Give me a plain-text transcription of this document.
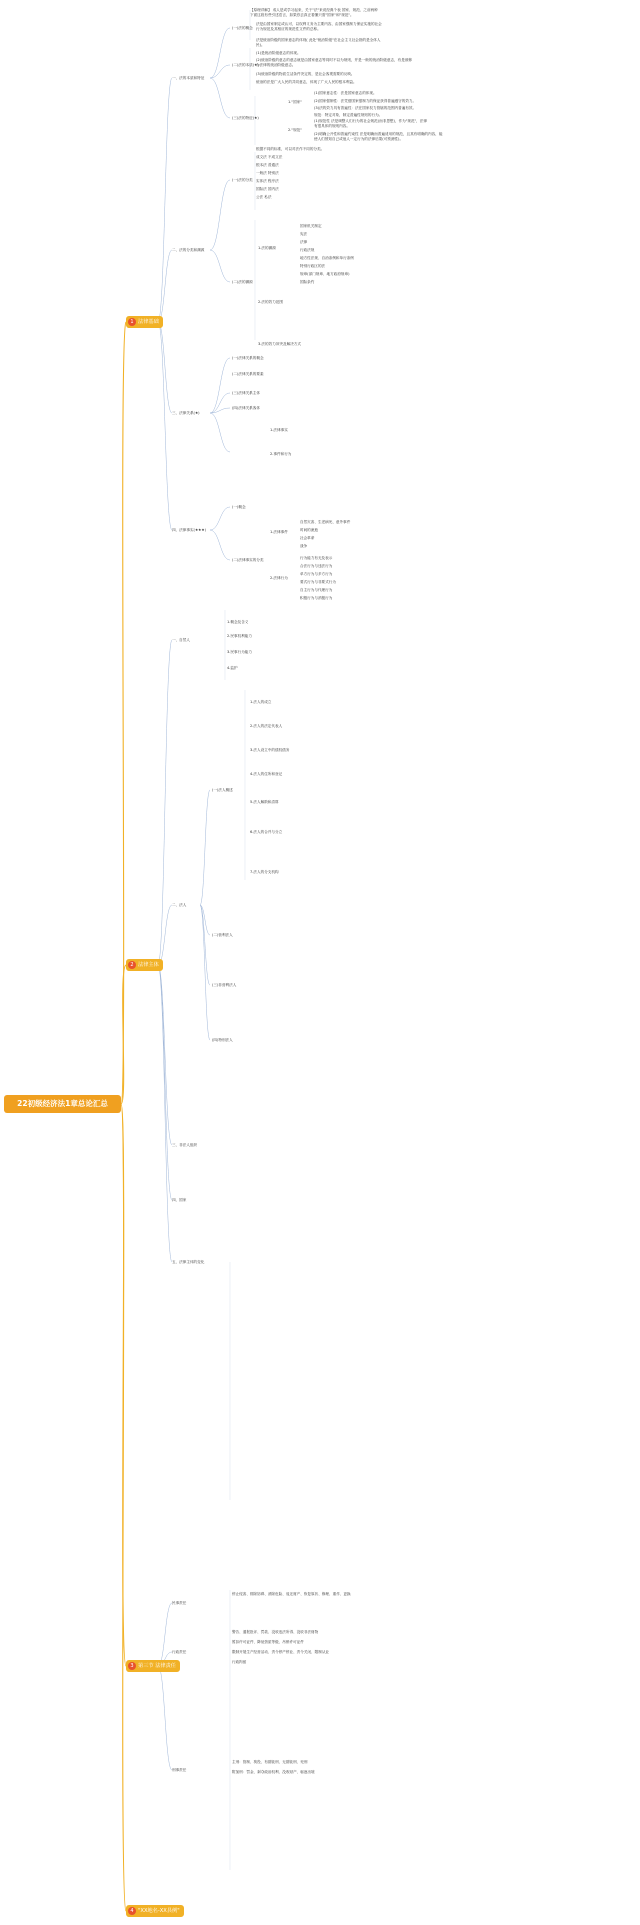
22初级经济法1章总论汇总
1 法律基础
2 法律主体
3 第三节 法律责任
4 "XX地名-XX县例"
【原理详解】 成人是或学习起来，关于"法"来说经典个表 国家、规范、之前两种
下面这段有些引述语言，如果你去真正看懂只需"国家"和"规范"。
一、法的本质和特征
(一)法的概念
法是由国家制定或认可，以权利义务为主要内容，由国家强制力保证实施的社会
行为规范及其相应的规范性文件的总称。
(二)法的本质(★)
法是统治阶级的国家意志的体现( 此处"统治阶级"在社会主义社会指的是全体人
民)。
(1)是统治阶级意志的体现。
(2)统治阶级的意志的意志就是由国家意志等同时不以为规则，并是一般的统治阶级意志，有是被修
为法律的统治阶级意志。
(3)统治阶级的物质生活条件决定的，是社会客观需要的反映。
统治的法是广大人民的共同意志，体现了广大人民的根本利益。
(三)法的特征(★)
1."国家"
(1)国家意志性：法是国家意志的体现。
(2)国家强制性：法凭借国家强制力的保证获得普遍遵守的效力。
(3)法的效力具有普遍性：法在国家权力管辖的范围内普遍有效。
2."规范"
规范：特定对象，制定普遍性规则的行为。
(1)规范性 法是调整人们行为的社会规范(而非思想)，作为"规范"，法律
有很具体的规则内容。
(2)明确公开性和普遍约束性 法是明确而普遍适用的规范，且其有明确的内容，能
使人们预知自己或他人一定行为的法律后果(可预测性)。
二、法的分类和渊源
(一)法的分类
根据不同的标准，可以对法作不同的分类。
成文法 不成文法
根本法 普通法
一般法 特别法
实体法 程序法
国际法 国内法
公法 私法
(二)法的渊源
1.法的渊源
2.法的效力范围
3.法的效力冲突及解决方式
国家机关制定
宪法
法律
行政法规
地方性法规、自治条例和单行条例
特别行政区的法
规章(部门规章、地方政府规章)
国际条约
三、法律关系(★)
(一)法律关系的概念
(二)法律关系的要素
(三)法律关系主体
(四)法律关系客体
1.法律事实
2.事件和行为
四、法律事实(★★★)
(一)概念
(二)法律事实的分类
1.法律事件
2.法律行为
自然灾害、生老病死、意外事件
时间的流逝
社会革命
战争
行为能力有无及表示
合法行为与违法行为
单方行为与多方行为
要式行为与非要式行为
自主行为与代理行为
积极行为与消极行为
一、自然人
1.概念及含义
2.民事权利能力
3.民事行为能力
4.监护
二、法人
(一)法人概述
1.法人的成立
2.法人的法定代表人
3.法人设立中的债权债务
4.法人的住所和登记
5.法人解散和清算
6.法人的合并与分立
7.法人的分支机构
(二)营利法人
(三)非营利法人
(四)特别法人
三、非法人组织
四、国家
五、法律主体的变化
民事责任
行政责任
刑事责任
停止侵害、排除妨碍、消除危险、返还财产、恢复原状、修理、重作、更换
警告、通报批评、罚款、没收违法所得、没收非法财物
暂扣许可证件、降低资质等级、吊销许可证件
限制开展生产经营活动、责令停产停业、责令关闭、限制从业
行政拘留
主刑：管制、拘役、有期徒刑、无期徒刑、死刑
附加刑：罚金、剥夺政治权利、没收财产、驱逐出境
